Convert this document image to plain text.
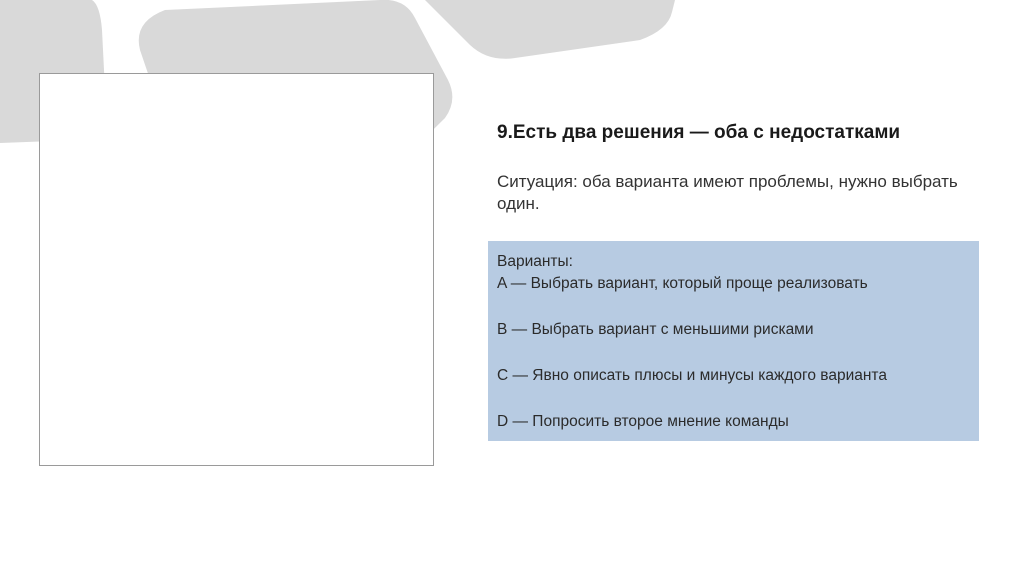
9.Есть два решения — оба с недостатками

Ситуация: оба варианта имеют проблемы, нужно выбрать один.

Варианты:

A — Выбрать вариант, который проще реализовать
B — Выбрать вариант с меньшими рисками
C — Явно описать плюсы и минусы каждого варианта
D — Попросить второе мнение команды
